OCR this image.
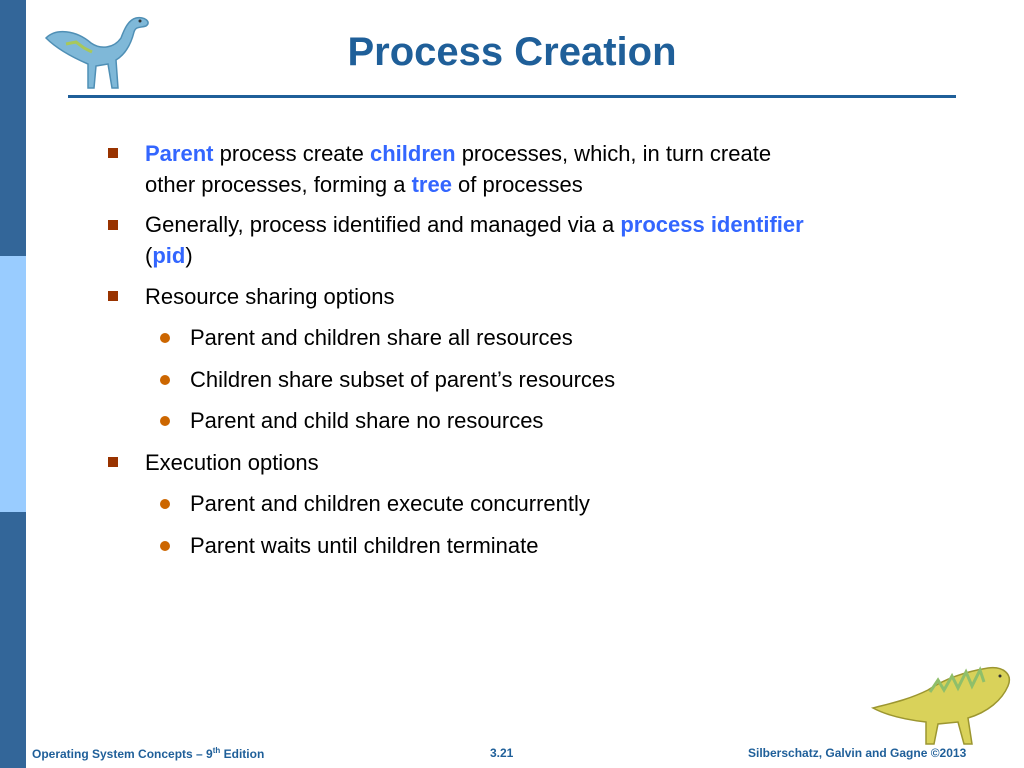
Process Creation
Parent process create children processes, which, in turn create other processes, forming a tree of processes
Generally, process identified and managed via a process identifier (pid)
Resource sharing options
Parent and children share all resources
Children share subset of parent’s resources
Parent and child share no resources
Execution options
Parent and children execute concurrently
Parent waits until children terminate
Operating System Concepts – 9th Edition	3.21	Silberschatz, Galvin and Gagne ©2013
